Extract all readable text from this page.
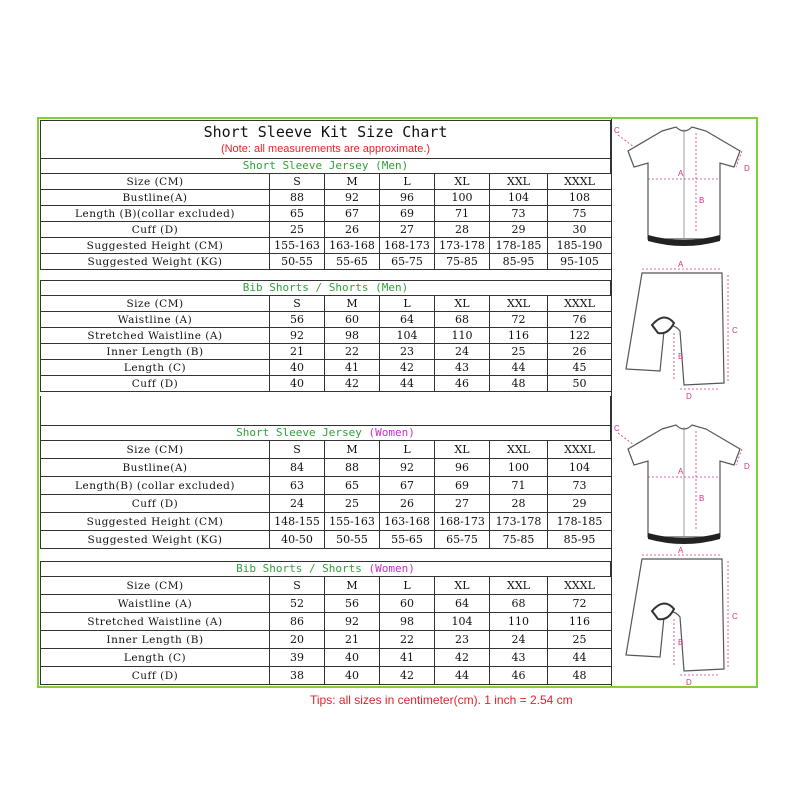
Short Sleeve Kit Size Chart
(Note: all measurements are approximate.)
Short Sleeve Jersey (Men)
Size (CM)	S	M	L	XL	XXL	XXXL
Bustline(A)	88	92	96	100	104	108
Length (B)(collar excluded)	65	67	69	71	73	75
Cuff (D)	25	26	27	28	29	30
Suggested Height (CM)	155-163	163-168	168-173	173-178	178-185	185-190
Suggested Weight (KG)	50-55	55-65	65-75	75-85	85-95	95-105
Bib Shorts / Shorts (Men)
Size (CM)	S	M	L	XL	XXL	XXXL
Waistline (A)	56	60	64	68	72	76
Stretched Waistline (A)	92	98	104	110	116	122
Inner Length (B)	21	22	23	24	25	26
Length (C)	40	41	42	43	44	45
Cuff (D)	40	42	44	46	48	50
Short Sleeve Jersey (Women)
Size (CM)	S	M	L	XL	XXL	XXXL
Bustline(A)	84	88	92	96	100	104
Length(B) (collar excluded)	63	65	67	69	71	73
Cuff (D)	24	25	26	27	28	29
Suggested Height (CM)	148-155	155-163	163-168	168-173	173-178	178-185
Suggested Weight (KG)	40-50	50-55	55-65	65-75	75-85	85-95
Bib Shorts / Shorts (Women)
Size (CM)	S	M	L	XL	XXL	XXXL
Waistline (A)	52	56	60	64	68	72
Stretched Waistline (A)	86	92	98	104	110	116
Inner Length (B)	20	21	22	23	24	25
Length (C)	39	40	41	42	43	44
Cuff (D)	38	40	42	44	46	48
A
B
C
D
A
B
C
D
A
B
C
D
A
B
C
D
Tips: all sizes in centimeter(cm). 1 inch = 2.54 cm
